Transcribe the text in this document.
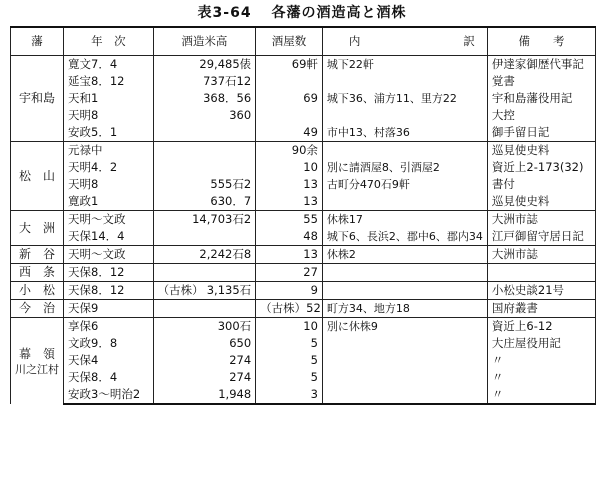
表3-64 各藩の酒造高と酒株
藩	年　次	酒造米高	酒屋数	内 訳	備　　考
宇和島	寛文7．4	29,485俵	69軒	城下22軒	伊達家御歴代事記
	延宝8．12	737石12			覚書
	天和1	368．56	69	城下36、浦方11、里方22	宇和島藩役用記
	天明8	360			大控
	安政5．1		49	市中13、村落36	御手留日記
松　山	元禄中		90余		巡見使史料
	天明4．2		10	別に請酒屋8、引酒屋2	資近上2-173(32)
	天明8	555石2	13	古町分470石9軒	書付
	寛政1	630．7	13		巡見使史料
大　洲	天明～文政	14,703石2	55	休株17	大洲市誌
	天保14．4		48	城下6、長浜2、郡中6、郡内34	江戸御留守居日記
新　谷	天明～文政	2,242石8	13	休株2	大洲市誌
西　条	天保8．12		27		
小　松	天保8．12	（古株） 3,135石	9		小松史談21号
今　治	天保9		（古株） 52	町方34、地方18	国府叢書
幕　領
川之江村	享保6	300石	10	別に休株9	資近上6-12
	文政9．8	650	5		大庄屋役用記
	天保4	274	5		〃
	天保8．4	274	5		〃
	安政3～明治2	1,948	3		〃
